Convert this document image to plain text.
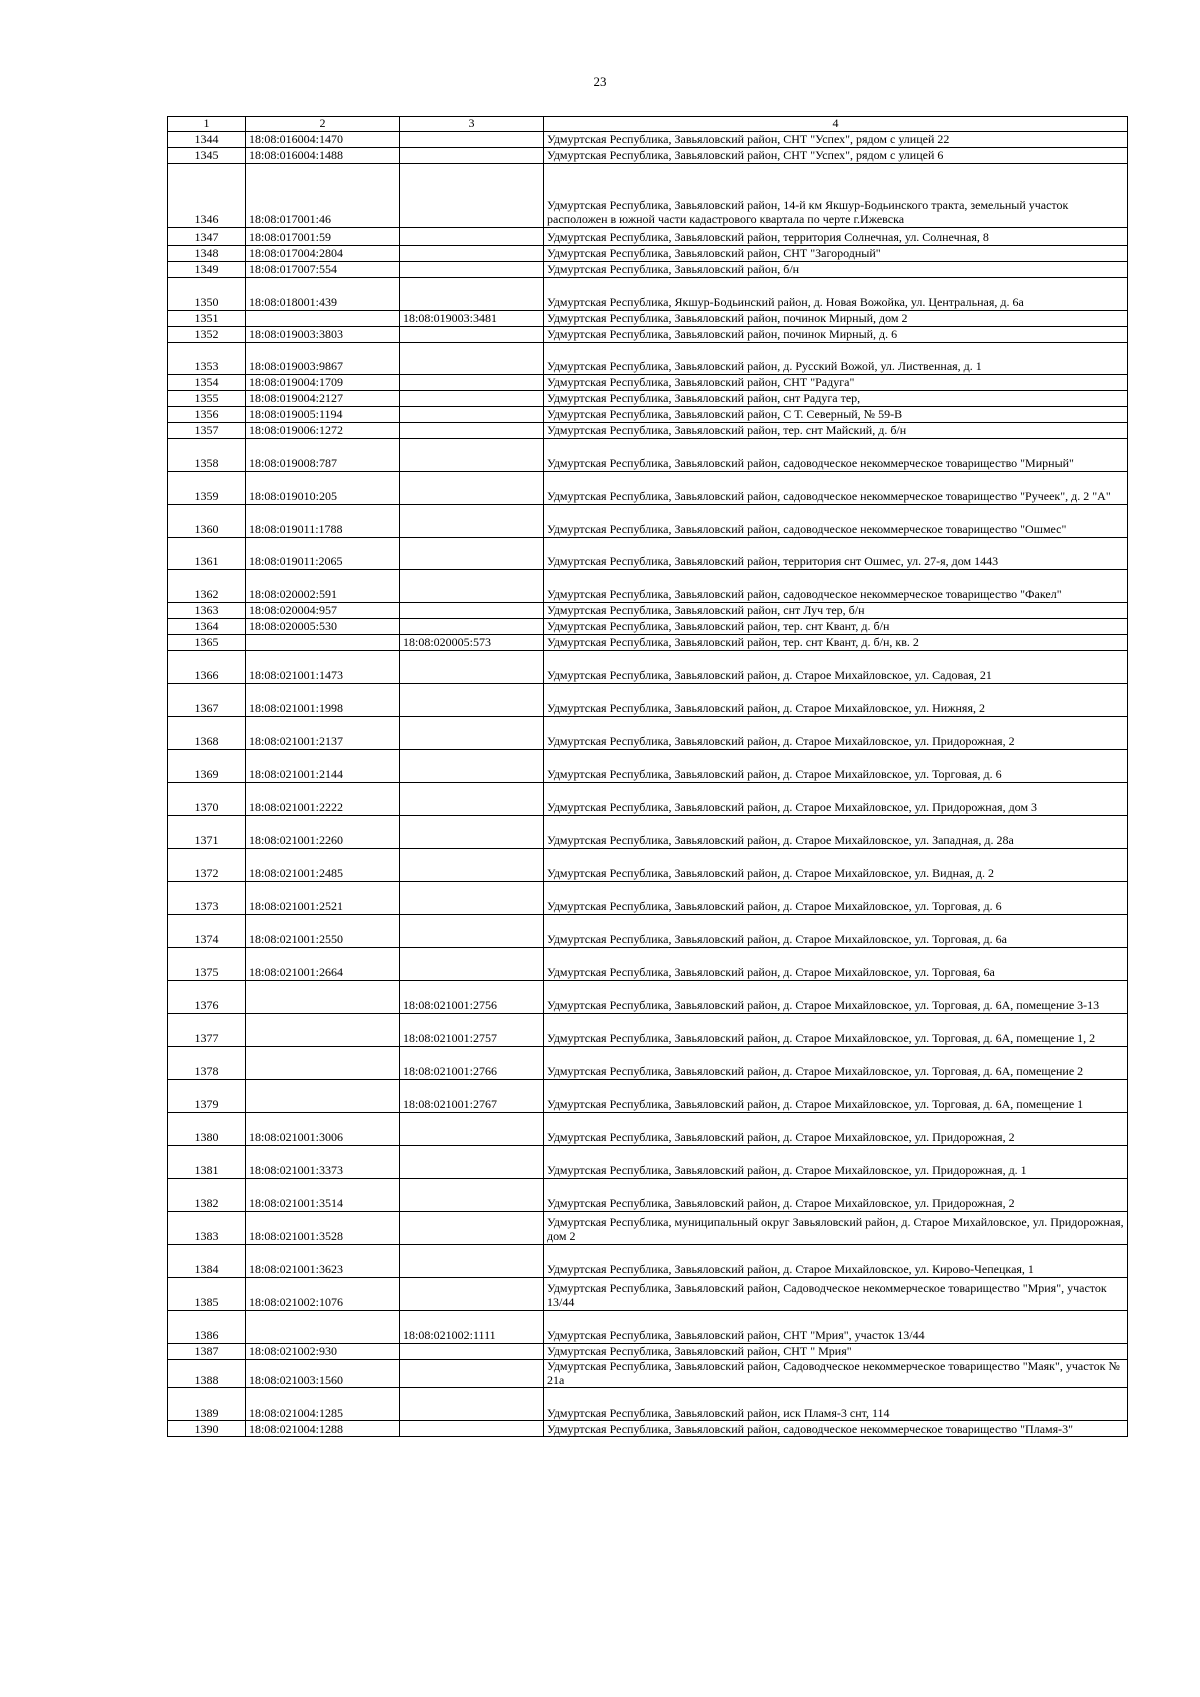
23
1	2	3	4
1344	18:08:016004:1470		Удмуртская Республика, Завьяловский район, СНТ "Успех", рядом с улицей 22
1345	18:08:016004:1488		Удмуртская Республика, Завьяловский район, СНТ "Успех", рядом с улицей 6
1346	18:08:017001:46		Удмуртская Республика, Завьяловский район, 14-й км Якшур-Бодьинского тракта, земельный участок расположен в южной части кадастрового квартала по черте г.Ижевска
1347	18:08:017001:59		Удмуртская Республика, Завьяловский район, территория Солнечная, ул. Солнечная, 8
1348	18:08:017004:2804		Удмуртская Республика, Завьяловский район, СНТ "Загородный"
1349	18:08:017007:554		Удмуртская Республика, Завьяловский район, б/н
1350	18:08:018001:439		Удмуртская Республика, Якшур-Бодьинский район, д. Новая Вожойка, ул. Центральная, д. 6а
1351		18:08:019003:3481	Удмуртская Республика, Завьяловский район, починок Мирный, дом 2
1352	18:08:019003:3803		Удмуртская Республика, Завьяловский район, починок Мирный, д. 6
1353	18:08:019003:9867		Удмуртская Республика, Завьяловский район, д. Русский Вожой, ул. Лиственная, д. 1
1354	18:08:019004:1709		Удмуртская Республика, Завьяловский район, СНТ "Радуга"
1355	18:08:019004:2127		Удмуртская Республика, Завьяловский район, снт Радуга тер,
1356	18:08:019005:1194		Удмуртская Республика, Завьяловский район, С Т. Северный, № 59-В
1357	18:08:019006:1272		Удмуртская Республика, Завьяловский район, тер. снт Майский, д. б/н
1358	18:08:019008:787		Удмуртская Республика, Завьяловский район, садоводческое некоммерческое товарищество "Мирный"
1359	18:08:019010:205		Удмуртская Республика, Завьяловский район, садоводческое некоммерческое товарищество "Ручеек", д. 2 "А"
1360	18:08:019011:1788		Удмуртская Республика, Завьяловский район, садоводческое некоммерческое товарищество "Ошмес"
1361	18:08:019011:2065		Удмуртская Республика, Завьяловский район, территория снт Ошмес, ул. 27-я, дом 1443
1362	18:08:020002:591		Удмуртская Республика, Завьяловский район, садоводческое некоммерческое товарищество "Факел"
1363	18:08:020004:957		Удмуртская Республика, Завьяловский район, снт Луч тер, б/н
1364	18:08:020005:530		Удмуртская Республика, Завьяловский район, тер. снт Квант, д. б/н
1365		18:08:020005:573	Удмуртская Республика, Завьяловский район, тер. снт Квант, д. б/н, кв. 2
1366	18:08:021001:1473		Удмуртская Республика, Завьяловский район, д. Старое Михайловское, ул. Садовая, 21
1367	18:08:021001:1998		Удмуртская Республика, Завьяловский район, д. Старое Михайловское, ул. Нижняя, 2
1368	18:08:021001:2137		Удмуртская Республика, Завьяловский район, д. Старое Михайловское, ул. Придорожная, 2
1369	18:08:021001:2144		Удмуртская Республика, Завьяловский район, д. Старое Михайловское, ул. Торговая, д. 6
1370	18:08:021001:2222		Удмуртская Республика, Завьяловский район, д. Старое Михайловское, ул. Придорожная, дом 3
1371	18:08:021001:2260		Удмуртская Республика, Завьяловский район, д. Старое Михайловское, ул. Западная, д. 28а
1372	18:08:021001:2485		Удмуртская Республика, Завьяловский район, д. Старое Михайловское, ул. Видная, д. 2
1373	18:08:021001:2521		Удмуртская Республика, Завьяловский район, д. Старое Михайловское, ул. Торговая, д. 6
1374	18:08:021001:2550		Удмуртская Республика, Завьяловский район, д. Старое Михайловское, ул. Торговая, д. 6а
1375	18:08:021001:2664		Удмуртская Республика, Завьяловский район, д. Старое Михайловское, ул. Торговая, 6а
1376		18:08:021001:2756	Удмуртская Республика, Завьяловский район, д. Старое Михайловское, ул. Торговая, д. 6А, помещение 3-13
1377		18:08:021001:2757	Удмуртская Республика, Завьяловский район, д. Старое Михайловское, ул. Торговая, д. 6А, помещение 1, 2
1378		18:08:021001:2766	Удмуртская Республика, Завьяловский район, д. Старое Михайловское, ул. Торговая, д. 6А, помещение 2
1379		18:08:021001:2767	Удмуртская Республика, Завьяловский район, д. Старое Михайловское, ул. Торговая, д. 6А, помещение 1
1380	18:08:021001:3006		Удмуртская Республика, Завьяловский район, д. Старое Михайловское, ул. Придорожная, 2
1381	18:08:021001:3373		Удмуртская Республика, Завьяловский район, д. Старое Михайловское, ул. Придорожная, д. 1
1382	18:08:021001:3514		Удмуртская Республика, Завьяловский район, д. Старое Михайловское, ул. Придорожная, 2
1383	18:08:021001:3528		Удмуртская Республика, муниципальный округ Завьяловский район, д. Старое Михайловское, ул. Придорожная, дом 2
1384	18:08:021001:3623		Удмуртская Республика, Завьяловский район, д. Старое Михайловское, ул. Кирово-Чепецкая, 1
1385	18:08:021002:1076		Удмуртская Республика, Завьяловский район, Садоводческое некоммерческое товарищество "Мрия", участок 13/44
1386		18:08:021002:1111	Удмуртская Республика, Завьяловский район, СНТ "Мрия", участок 13/44
1387	18:08:021002:930		Удмуртская Республика, Завьяловский район, СНТ " Мрия"
1388	18:08:021003:1560		Удмуртская Республика, Завьяловский район, Садоводческое некоммерческое товарищество "Маяк", участок № 21а
1389	18:08:021004:1285		Удмуртская Республика, Завьяловский район, иск Пламя-3 снт, 114
1390	18:08:021004:1288		Удмуртская Республика, Завьяловский район, садоводческое некоммерческое товарищество "Пламя-3"
